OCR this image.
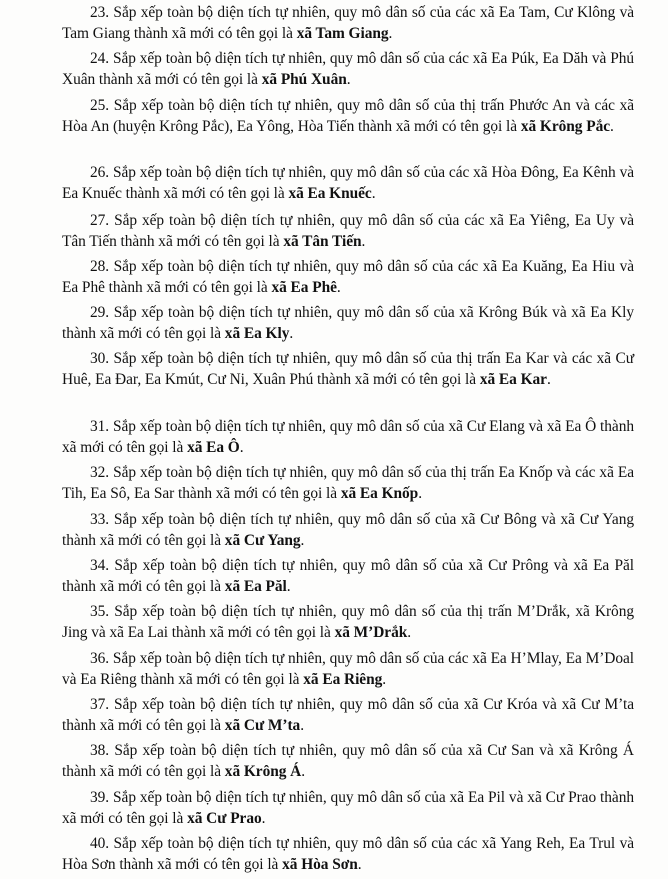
23. Sắp xếp toàn bộ diện tích tự nhiên, quy mô dân số của các xã Ea Tam, Cư Klông và Tam Giang thành xã mới có tên gọi là xã Tam Giang.

24. Sắp xếp toàn bộ diện tích tự nhiên, quy mô dân số của các xã Ea Púk, Ea Dăh và Phú Xuân thành xã mới có tên gọi là xã Phú Xuân.

25. Sắp xếp toàn bộ diện tích tự nhiên, quy mô dân số của thị trấn Phước An và các xã Hòa An (huyện Krông Pắc), Ea Yông, Hòa Tiến thành xã mới có tên gọi là xã Krông Pắc.

26. Sắp xếp toàn bộ diện tích tự nhiên, quy mô dân số của các xã Hòa Đông, Ea Kênh và Ea Knuếc thành xã mới có tên gọi là xã Ea Knuếc.

27. Sắp xếp toàn bộ diện tích tự nhiên, quy mô dân số của các xã Ea Yiêng, Ea Uy và Tân Tiến thành xã mới có tên gọi là xã Tân Tiến.

28. Sắp xếp toàn bộ diện tích tự nhiên, quy mô dân số của các xã Ea Kuăng, Ea Hiu và Ea Phê thành xã mới có tên gọi là xã Ea Phê.

29. Sắp xếp toàn bộ diện tích tự nhiên, quy mô dân số của xã Krông Búk và xã Ea Kly thành xã mới có tên gọi là xã Ea Kly.

30. Sắp xếp toàn bộ diện tích tự nhiên, quy mô dân số của thị trấn Ea Kar và các xã Cư Huê, Ea Đar, Ea Kmút, Cư Ni, Xuân Phú thành xã mới có tên gọi là xã Ea Kar.

31. Sắp xếp toàn bộ diện tích tự nhiên, quy mô dân số của xã Cư Elang và xã Ea Ô thành xã mới có tên gọi là xã Ea Ô.

32. Sắp xếp toàn bộ diện tích tự nhiên, quy mô dân số của thị trấn Ea Knốp và các xã Ea Tih, Ea Sô, Ea Sar thành xã mới có tên gọi là xã Ea Knốp.

33. Sắp xếp toàn bộ diện tích tự nhiên, quy mô dân số của xã Cư Bông và xã Cư Yang thành xã mới có tên gọi là xã Cư Yang.

34. Sắp xếp toàn bộ diện tích tự nhiên, quy mô dân số của xã Cư Prông và xã Ea Păl thành xã mới có tên gọi là xã Ea Păl.

35. Sắp xếp toàn bộ diện tích tự nhiên, quy mô dân số của thị trấn M’Drắk, xã Krông Jing và xã Ea Lai thành xã mới có tên gọi là xã M’Drắk.

36. Sắp xếp toàn bộ diện tích tự nhiên, quy mô dân số của các xã Ea H’Mlay, Ea M’Doal và Ea Riêng thành xã mới có tên gọi là xã Ea Riêng.

37. Sắp xếp toàn bộ diện tích tự nhiên, quy mô dân số của xã Cư Króa và xã Cư M’ta thành xã mới có tên gọi là xã Cư M’ta.

38. Sắp xếp toàn bộ diện tích tự nhiên, quy mô dân số của xã Cư San và xã Krông Á thành xã mới có tên gọi là xã Krông Á.

39. Sắp xếp toàn bộ diện tích tự nhiên, quy mô dân số của xã Ea Pil và xã Cư Prao thành xã mới có tên gọi là xã Cư Prao.

40. Sắp xếp toàn bộ diện tích tự nhiên, quy mô dân số của các xã Yang Reh, Ea Trul và Hòa Sơn thành xã mới có tên gọi là xã Hòa Sơn.
